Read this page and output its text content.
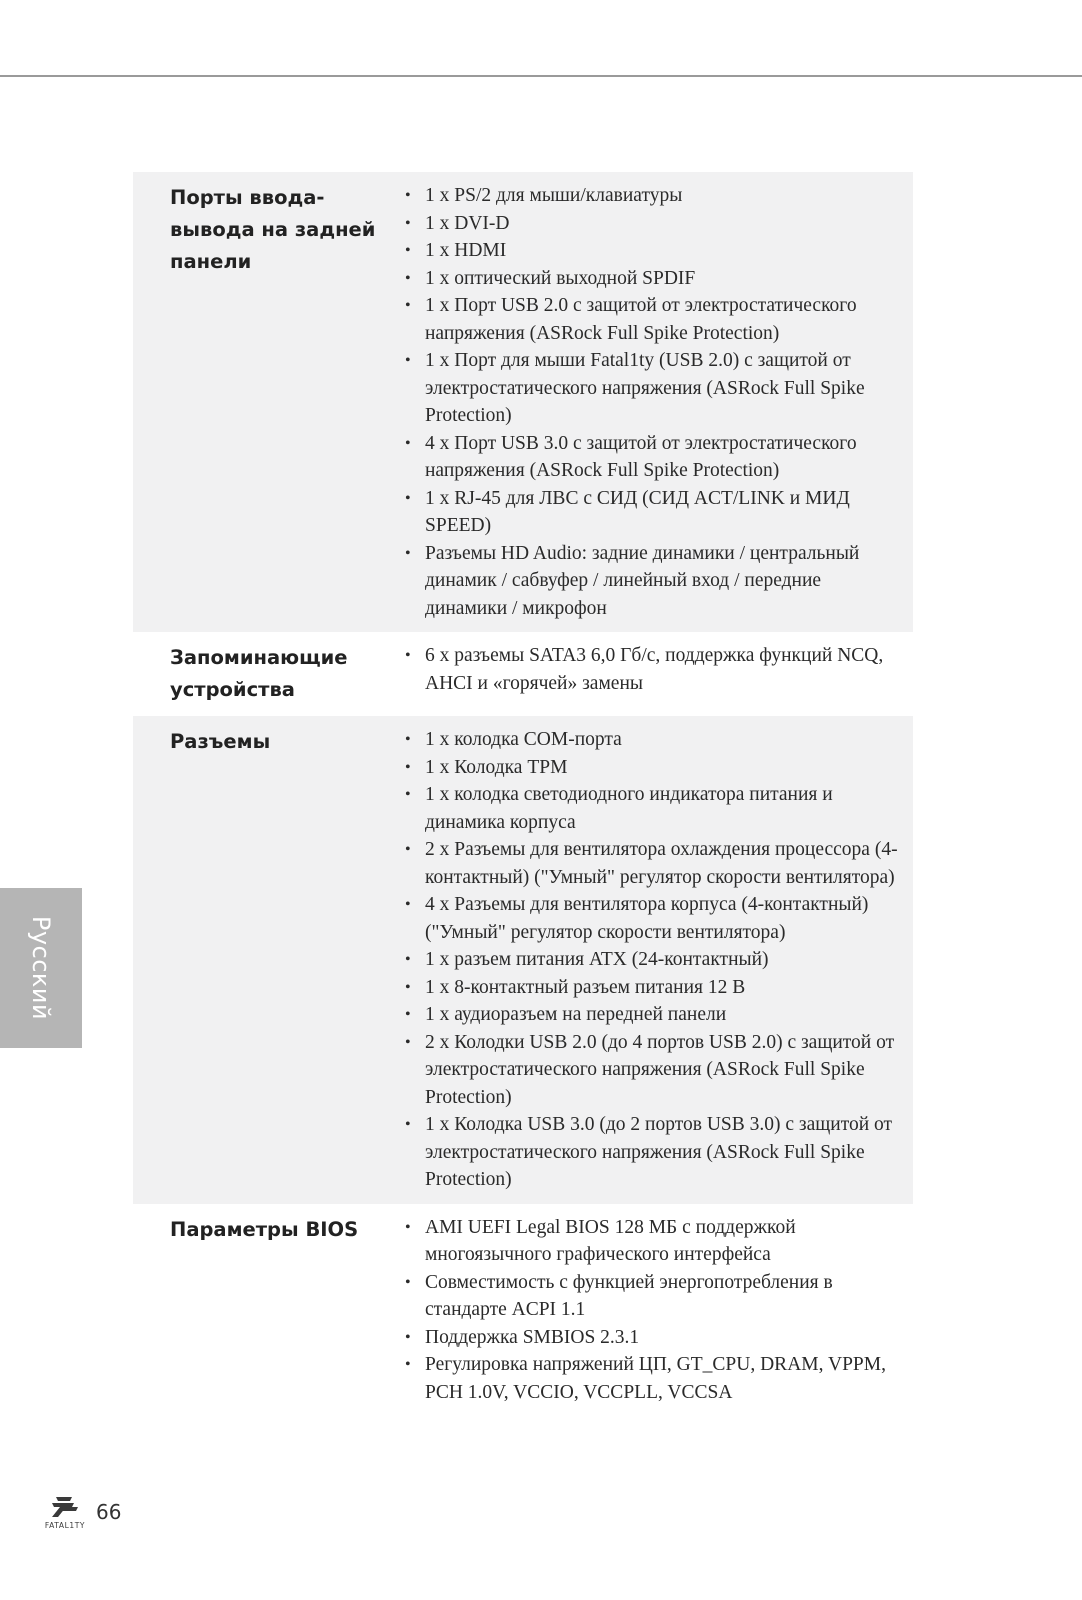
Порты ввода-вывода на задней панели
• 1 x PS/2 для мыши/клавиатуры
• 1 x DVI-D
• 1 x HDMI
• 1 x оптический выходной SPDIF
• 1 x Порт USB 2.0 с защитой от электростатического напряжения (ASRock Full Spike Protection)
• 1 x Порт для мыши Fatal1ty (USB 2.0) с защитой от электростатического напряжения (ASRock Full Spike Protection)
• 4 x Порт USB 3.0 с защитой от электростатического напряжения (ASRock Full Spike Protection)
• 1 x RJ-45 для ЛВС с СИД (СИД ACT/LINK и МИД SPEED)
• Разъемы HD Audio: задние динамики / центральный динамик / сабвуфер / линейный вход / передние динамики / микрофон
Запоминающие устройства
• 6 x разъемы SATA3 6,0 Гб/с, поддержка функций NCQ, AHCI и «горячей» замены
Разъемы	• 1 x колодка COM-порта
• 1 x Колодка TPM
• 1 x колодка светодиодного индикатора питания и динамика корпуса
• 2 x Разъемы для вентилятора охлаждения процессора (4-контактный) ("Умный" регулятор скорости вентилятора)
• 4 x Разъемы для вентилятора корпуса (4-контактный) ("Умный" регулятор скорости вентилятора)
• 1 x разъем питания ATX (24-контактный)
• 1 x 8-контактный разъем питания 12 В
• 1 x аудиоразъем на передней панели
• 2 x Колодки USB 2.0 (до 4 портов USB 2.0) с защитой от электростатического напряжения (ASRock Full Spike Protection)
• 1 x Колодка USB 3.0 (до 2 портов USB 3.0) с защитой от электростатического напряжения (ASRock Full Spike Protection)
Параметры BIOS	• AMI UEFI Legal BIOS 128 МБ с поддержкой многоязычного графического интерфейса
• Совместимость с функцией энергопотребления в стандарте ACPI 1.1
• Поддержка SMBIOS 2.3.1
• Регулировка напряжений ЦП, GT_CPU, DRAM, VPPM, PCH 1.0V, VCCIO, VCCPLL, VCCSA
Русский
FATAL1TY
66
